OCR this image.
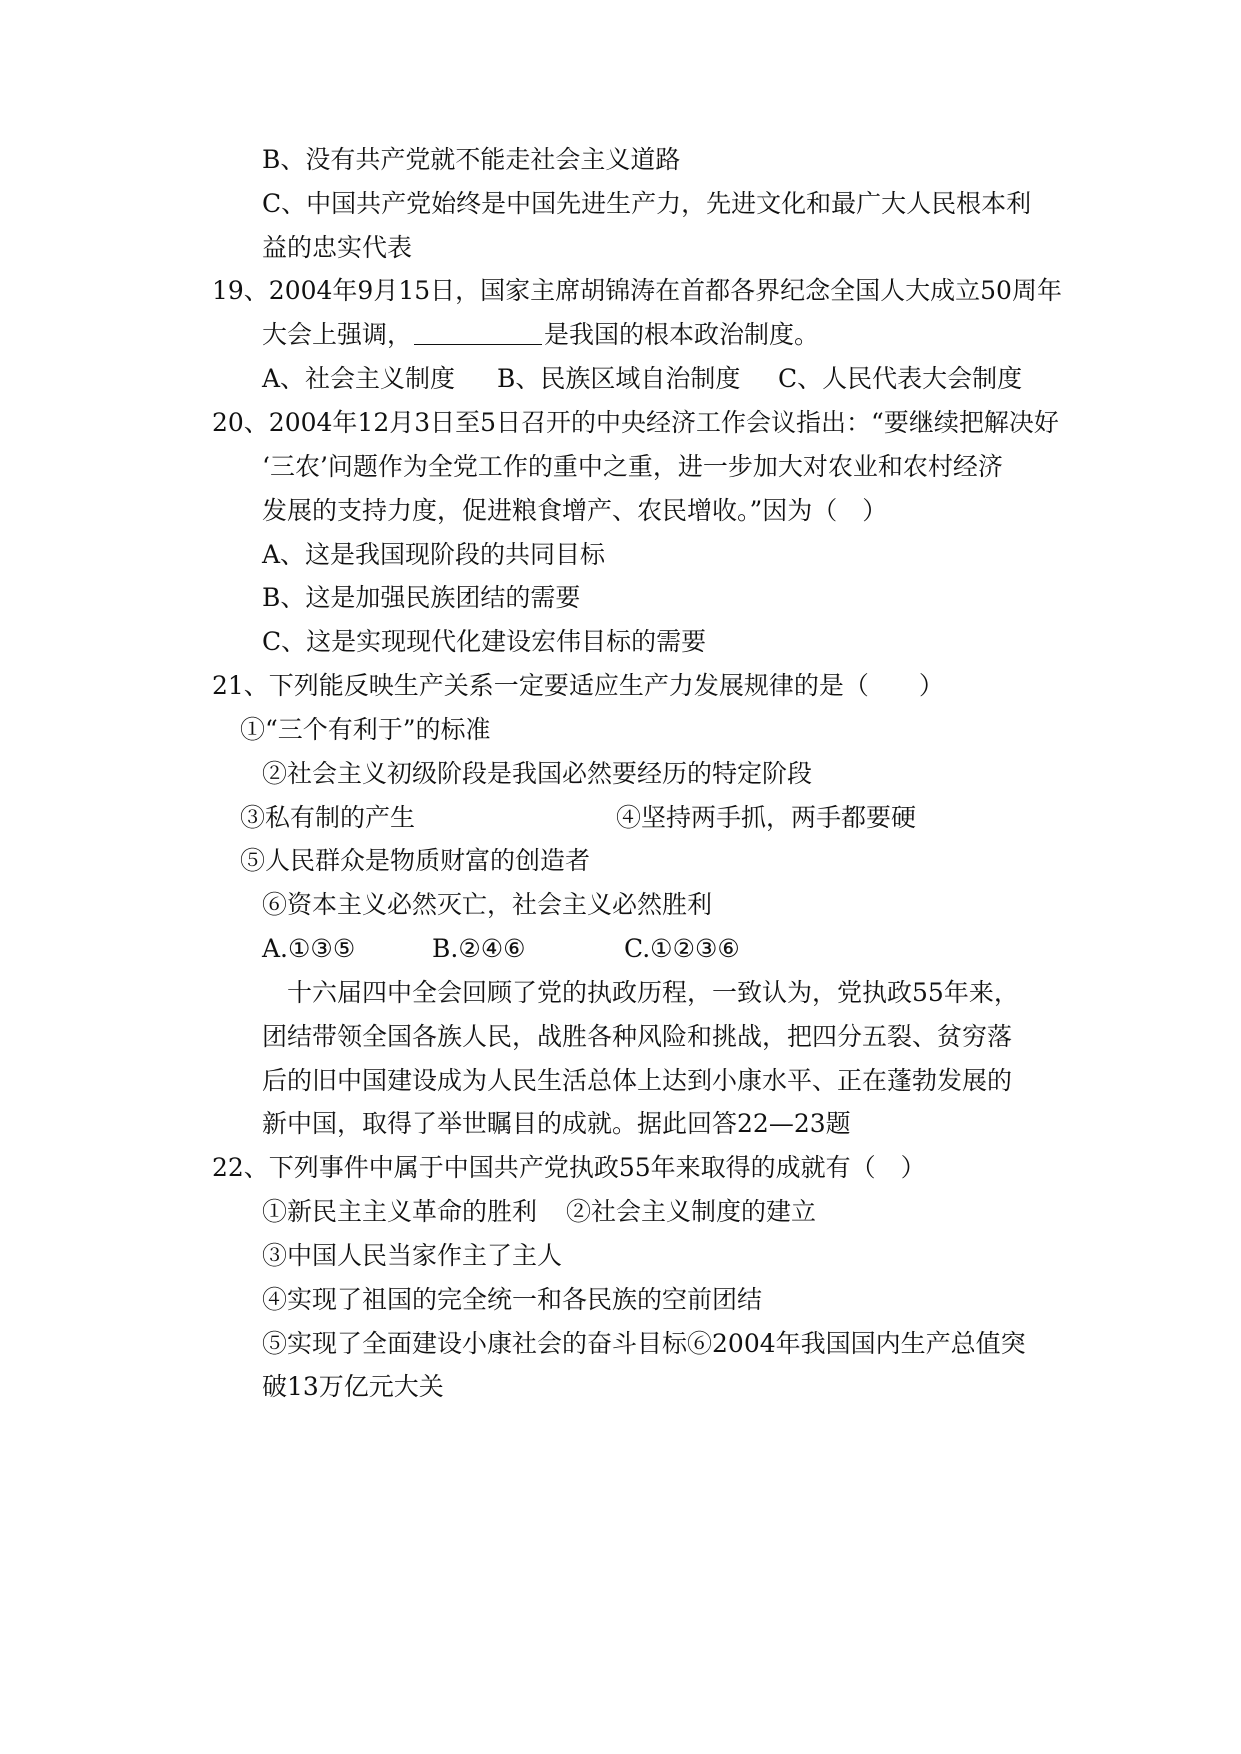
B、没有共产党就不能走社会主义道路
C、中国共产党始终是中国先进生产力，先进文化和最广大人民根本利
益的忠实代表
19、2004年9月15日，国家主席胡锦涛在首都各界纪念全国人大成立50周年
大会上强调，	是我国的根本政治制度。
A、社会主义制度 B、民族区域自治制度 C、人民代表大会制度
20、2004年12月3日至5日召开的中央经济工作会议指出：“要继续把解决好
‘三农’问题作为全党工作的重中之重，进一步加大对农业和农村经济
发展的支持力度，促进粮食增产、农民增收。”因为（　）
A、这是我国现阶段的共同目标
B、这是加强民族团结的需要
C、这是实现现代化建设宏伟目标的需要
21、下列能反映生产关系一定要适应生产力发展规律的是（　　）
①“三个有利于”的标准
②社会主义初级阶段是我国必然要经历的特定阶段
③私有制的产生	④坚持两手抓，两手都要硬
⑤人民群众是物质财富的创造者
⑥资本主义必然灭亡，社会主义必然胜利
A.①③⑤	B.②④⑥	C.①②③⑥
十六届四中全会回顾了党的执政历程，一致认为，党执政55年来，
团结带领全国各族人民，战胜各种风险和挑战，把四分五裂、贫穷落
后的旧中国建设成为人民生活总体上达到小康水平、正在蓬勃发展的
新中国，取得了举世瞩目的成就。据此回答22—23题
22、下列事件中属于中国共产党执政55年来取得的成就有（　）
①新民主主义革命的胜利 ②社会主义制度的建立
③中国人民当家作主了主人
④实现了祖国的完全统一和各民族的空前团结
⑤实现了全面建设小康社会的奋斗目标⑥2004年我国国内生产总值突
破13万亿元大关
